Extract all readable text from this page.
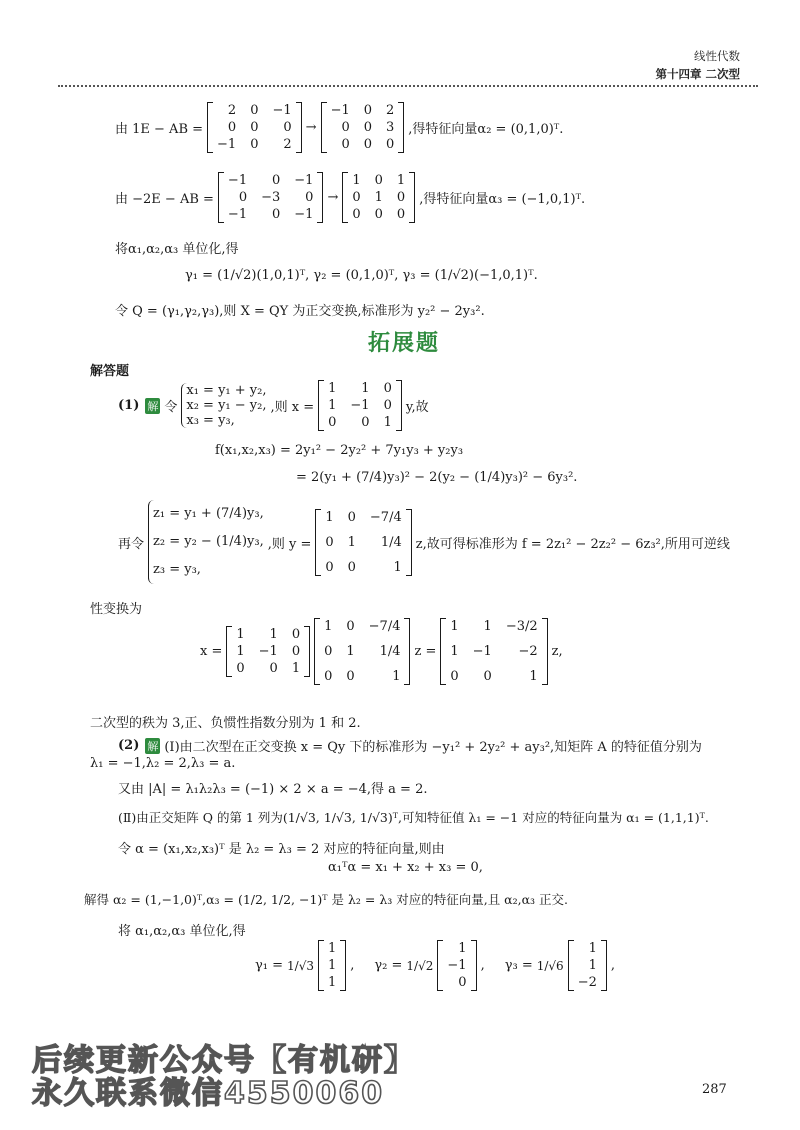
线性代数
第十四章 二次型
由 1E − AB =
2 0 −1
0 0	0
−1 0	2
→
−1 0 2
0 0 3
0 0 0
,得特征向量α₂ = (0,1,0)ᵀ.
由 −2E − AB =
−1	0 −1
0 −3	0
−1	0 −1
→
1 0 1
0 1 0
0 0 0
,得特征向量α₃ = (−1,0,1)ᵀ.
将α₁,α₂,α₃ 单位化,得
γ₁ = (1/√2)(1,0,1)ᵀ, γ₂ = (0,1,0)ᵀ, γ₃ = (1/√2)(−1,0,1)ᵀ.
令 Q = (γ₁,γ₂,γ₃),则 X = QY 为正交变换,标准形为 y₂² − 2y₃².
拓展题
解答题
(1) 解 令
x₁ = y₁ + y₂,
x₂ = y₁ − y₂,
x₃ = y₃,
,则 x =
1	1 0
1 −1 0
0	0 1
y,故
f(x₁,x₂,x₃) = 2y₁² − 2y₂² + 7y₁y₃ + y₂y₃
= 2(y₁ + (7/4)y₃)² − 2(y₂ − (1/4)y₃)² − 6y₃².
再令
z₁ = y₁ + (7/4)y₃,
z₂ = y₂ − (1/4)y₃,
z₃ = y₃,
,则 y =
1 0 −7/4
0 1	1/4
0 0	1
z,故可得标准形为 f = 2z₁² − 2z₂² − 6z₃²,所用可逆线
性变换为
x =
1	1 0
1 −1 0
0	0 1
1 0 −7/4
0 1	1/4
0 0	1
z =
1	1 −3/2
1 −1	−2
0	0	1
z,
二次型的秩为 3,正、负惯性指数分别为 1 和 2.
(2) 解 (Ⅰ)由二次型在正交变换 x = Qy 下的标准形为 −y₁² + 2y₂² + ay₃²,知矩阵 A 的特征值分别为
λ₁ = −1,λ₂ = 2,λ₃ = a.
又由 |A| = λ₁λ₂λ₃ = (−1) × 2 × a = −4,得 a = 2.
(Ⅱ)由正交矩阵 Q 的第 1 列为(1/√3, 1/√3, 1/√3)ᵀ,可知特征值 λ₁ = −1 对应的特征向量为 α₁ = (1,1,1)ᵀ.
令 α = (x₁,x₂,x₃)ᵀ 是 λ₂ = λ₃ = 2 对应的特征向量,则由
α₁ᵀα = x₁ + x₂ + x₃ = 0,
解得 α₂ = (1,−1,0)ᵀ,α₃ = (1/2, 1/2, −1)ᵀ 是 λ₂ = λ₃ 对应的特征向量,且 α₂,α₃ 正交.
将 α₁,α₂,α₃ 单位化,得
γ₁ = 1/√3
1
1
1
, γ₂ = 1/√2
1
−1
0
, γ₃ = 1/√6
1
1
−2
,
后续更新公众号【有机研】
永久联系微信4550060	287
